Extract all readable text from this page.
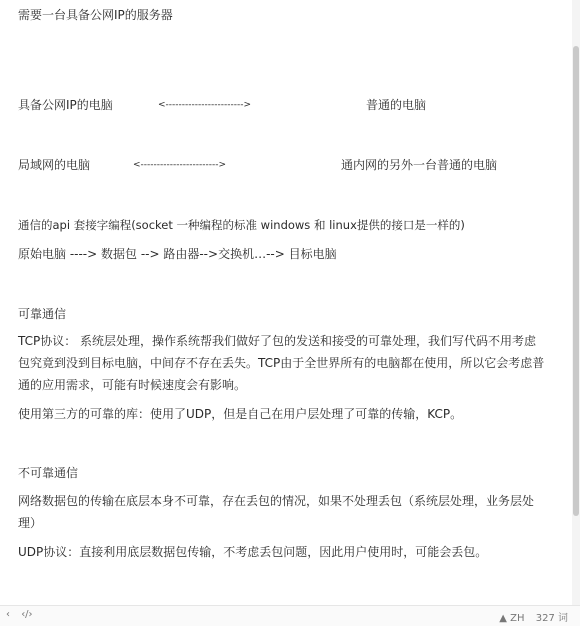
需要一台具备公网IP的服务器
具备公网IP的电脑	<------------------------>	普通的电脑
局域网的电脑	<------------------------>	通内网的另外一台普通的电脑
通信的api 套接字编程(socket 一种编程的标准 windows 和 linux提供的接口是一样的)
原始电脑 ----> 数据包 --> 路由器-->交换机…--> 目标电脑
可靠通信
TCP协议： 系统层处理，操作系统帮我们做好了包的发送和接受的可靠处理，我们写代码不用考虑包究竟到没到目标电脑，中间存不存在丢失。TCP由于全世界所有的电脑都在使用，所以它会考虑普通的应用需求，可能有时候速度会有影响。
使用第三方的可靠的库：使用了UDP，但是自己在用户层处理了可靠的传输，KCP。
不可靠通信
网络数据包的传输在底层本身不可靠，存在丢包的情况，如果不处理丢包（系统层处理，业务层处理）
UDP协议：直接利用底层数据包传输，不考虑丢包问题，因此用户使用时，可能会丢包。
‹ ‹/›	▲ ZH 327 词
